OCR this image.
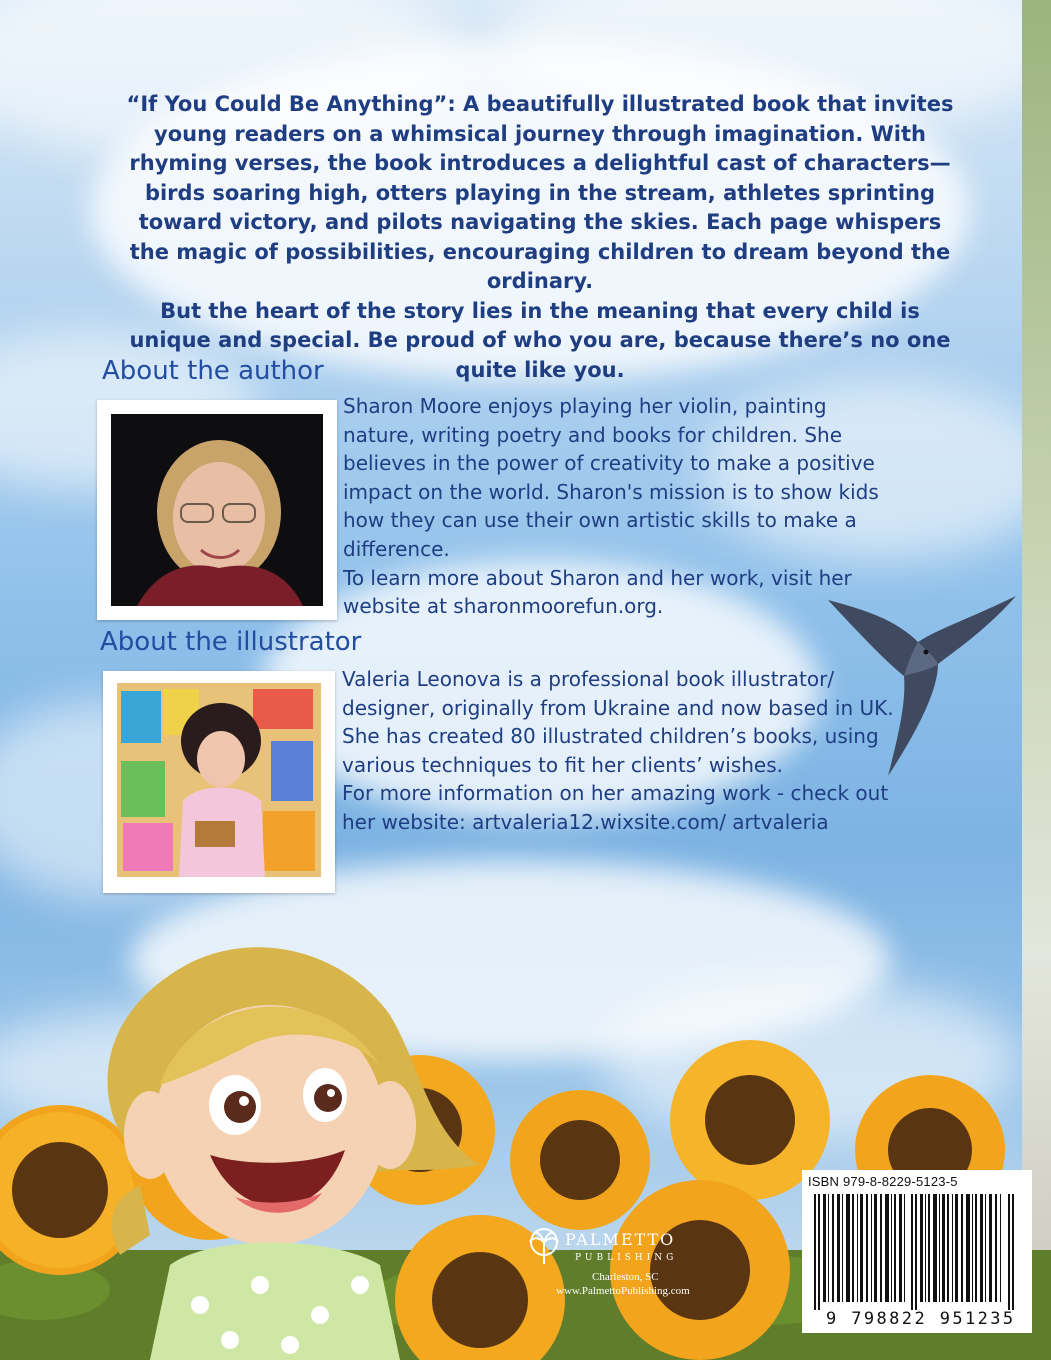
“If You Could Be Anything”: A beautifully illustrated book that invites young readers on a whimsical journey through imagination. With rhyming verses, the book introduces a delightful cast of characters—birds soaring high, otters playing in the stream, athletes sprinting toward victory, and pilots navigating the skies. Each page whispers the magic of possibilities, encouraging children to dream beyond the ordinary.

But the heart of the story lies in the meaning that every child is unique and special. Be proud of who you are, because there’s no one quite like you.

About the author

Sharon Moore enjoys playing her violin, painting nature, writing poetry and books for children. She believes in the power of creativity to make a positive impact on the world. Sharon's mission is to show kids how they can use their own artistic skills to make a difference.

To learn more about Sharon and her work, visit her website at sharonmoorefun.org.

About the illustrator

Valeria Leonova is a professional book illustrator/ designer, originally from Ukraine and now based in UK. She has created 80 illustrated children’s books, using various techniques to fit her clients’ wishes.

For more information on her amazing work - check out her website: artvaleria12.wixsite.com/ artvaleria

PALMETTO
PUBLISHING
Charleston, SC
www.PalmettoPublishing.com
ISBN 979-8-8229-5123-5
9 798822 951235
